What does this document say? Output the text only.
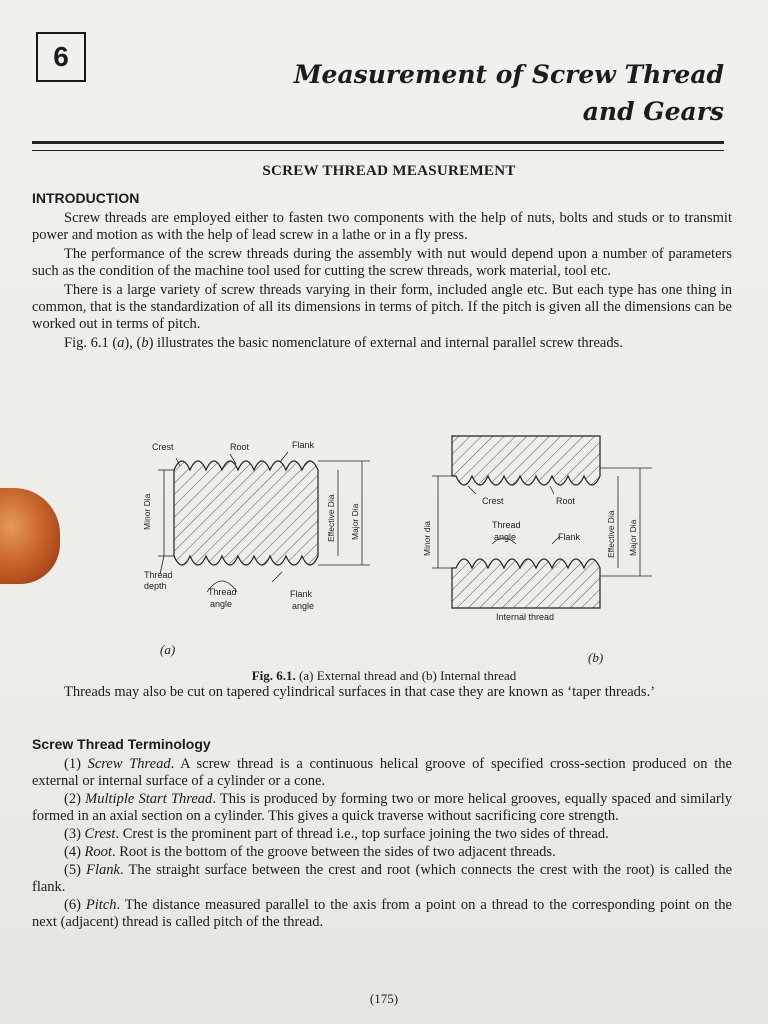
6
Measurement of Screw Thread
and Gears
SCREW THREAD MEASUREMENT
INTRODUCTION

Screw threads are employed either to fasten two components with the help of nuts, bolts and studs or to transmit power and motion as with the help of lead screw in a lathe or in a fly press.

The performance of the screw threads during the assembly with nut would depend upon a number of parameters such as the condition of the machine tool used for cutting the screw threads, work material, tool etc.

There is a large variety of screw threads varying in their form, included angle etc. But each type has one thing in common, that is the standardization of all its dimensions in terms of pitch. If the pitch is given all the dimensions can be worked out in terms of pitch.

Fig. 6.1 (a), (b) illustrates the basic nomenclature of external and internal parallel screw threads.

Crest	Root	Flank
Minor Dia	Effective Dia Major Dia
Thread
depth
Thread
angle
Flank
angle
Minor dia
Crest	Root
Thread
angle	Flank	Effective Dia Major Dia
Internal thread
(a)
(b)
Fig. 6.1. (a) External thread and (b) Internal thread

Threads may also be cut on tapered cylindrical surfaces in that case they are known as ‘taper threads.’

Screw Thread Terminology

(1) Screw Thread. A screw thread is a continuous helical groove of specified cross-section produced on the external or internal surface of a cylinder or a cone.

(2) Multiple Start Thread. This is produced by forming two or more helical grooves, equally spaced and similarly formed in an axial section on a cylinder. This gives a quick traverse without sacrificing core strength.

(3) Crest. Crest is the prominent part of thread i.e., top surface joining the two sides of thread.

(4) Root. Root is the bottom of the groove between the sides of two adjacent threads.

(5) Flank. The straight surface between the crest and root (which connects the crest with the root) is called the flank.

(6) Pitch. The distance measured parallel to the axis from a point on a thread to the corresponding point on the next (adjacent) thread is called pitch of the thread.

(175)
